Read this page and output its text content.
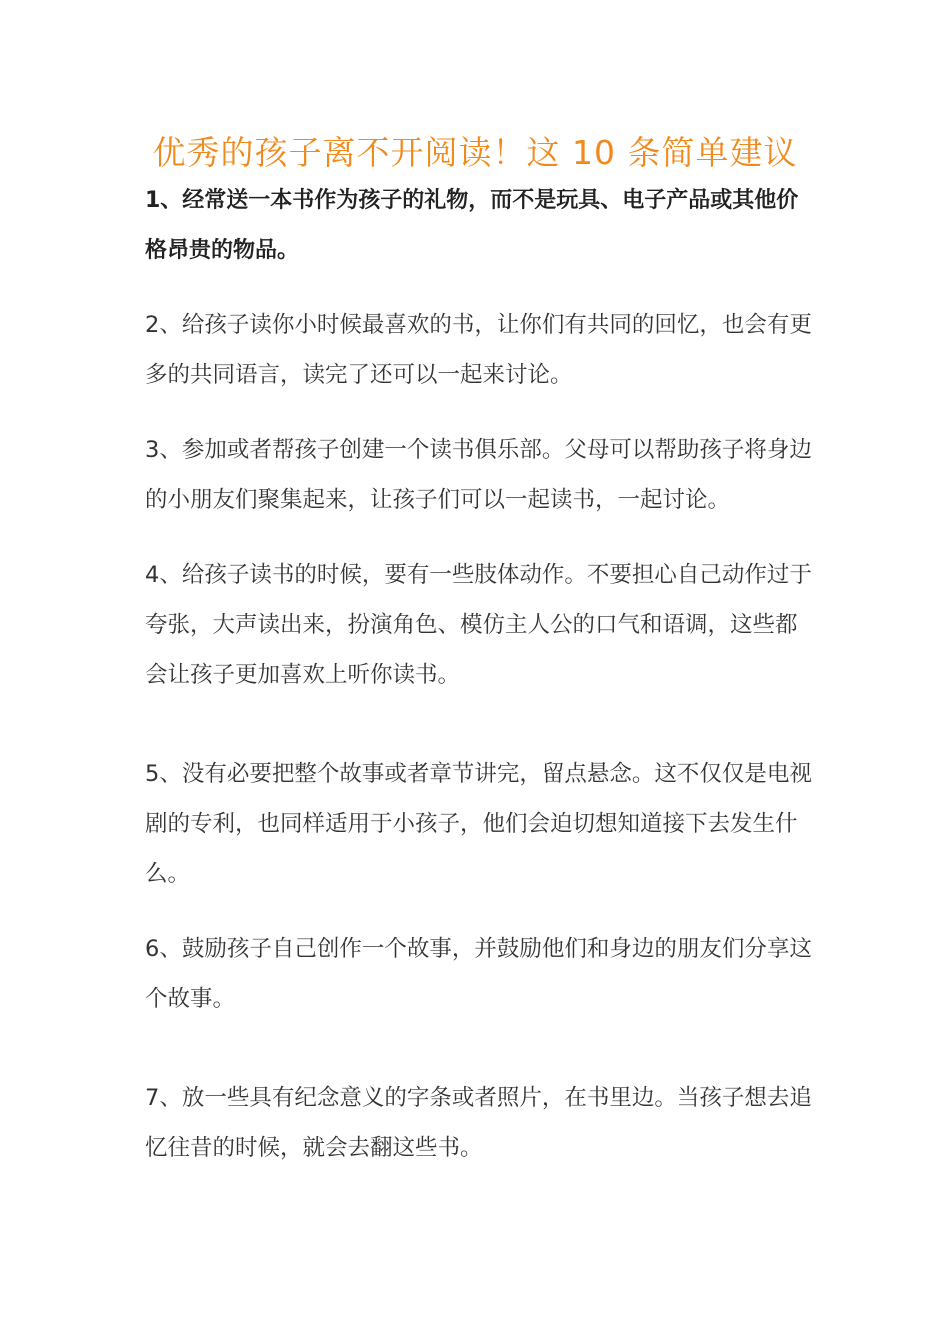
优秀的孩子离不开阅读！这 10 条简单建议

1、经常送一本书作为孩子的礼物，而不是玩具、电子产品或其他价格昂贵的物品。

2、给孩子读你小时候最喜欢的书，让你们有共同的回忆，也会有更多的共同语言，读完了还可以一起来讨论。

3、参加或者帮孩子创建一个读书俱乐部。父母可以帮助孩子将身边的小朋友们聚集起来，让孩子们可以一起读书，一起讨论。

4、给孩子读书的时候，要有一些肢体动作。不要担心自己动作过于夸张，大声读出来，扮演角色、模仿主人公的口气和语调，这些都会让孩子更加喜欢上听你读书。

5、没有必要把整个故事或者章节讲完，留点悬念。这不仅仅是电视剧的专利，也同样适用于小孩子，他们会迫切想知道接下去发生什么。

6、鼓励孩子自己创作一个故事，并鼓励他们和身边的朋友们分享这个故事。

7、放一些具有纪念意义的字条或者照片，在书里边。当孩子想去追忆往昔的时候，就会去翻这些书。
